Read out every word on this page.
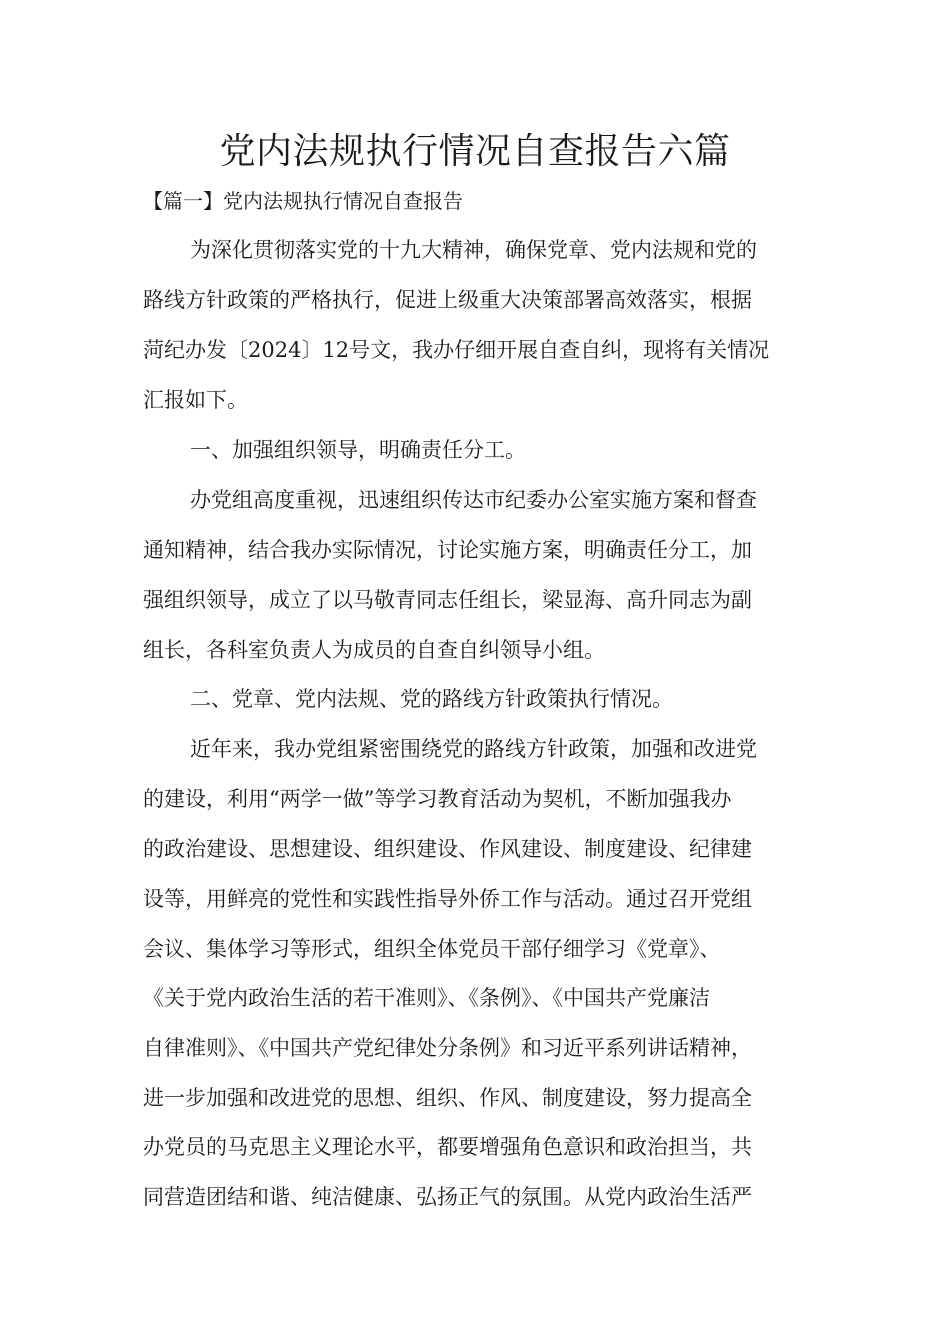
党内法规执行情况自查报告六篇

【篇一】党内法规执行情况自查报告

为深化贯彻落实党的十九大精神，确保党章、党内法规和党的

路线方针政策的严格执行，促进上级重大决策部署高效落实，根据

菏纪办发〔2024〕12号文，我办仔细开展自查自纠，现将有关情况

汇报如下。

一、加强组织领导，明确责任分工。

办党组高度重视，迅速组织传达市纪委办公室实施方案和督查

通知精神，结合我办实际情况，讨论实施方案，明确责任分工，加

强组织领导，成立了以马敬青同志任组长，梁显海、高升同志为副

组长，各科室负责人为成员的自查自纠领导小组。

二、党章、党内法规、党的路线方针政策执行情况。

近年来，我办党组紧密围绕党的路线方针政策，加强和改进党

的建设，利用“两学一做”等学习教育活动为契机，不断加强我办

的政治建设、思想建设、组织建设、作风建设、制度建设、纪律建

设等，用鲜亮的党性和实践性指导外侨工作与活动。通过召开党组

会议、集体学习等形式，组织全体党员干部仔细学习《党章》、

《关于党内政治生活的若干准则》、《条例》、《中国共产党廉洁

自律准则》、《中国共产党纪律处分条例》和习近平系列讲话精神，

进一步加强和改进党的思想、组织、作风、制度建设，努力提高全

办党员的马克思主义理论水平，都要增强角色意识和政治担当，共

同营造团结和谐、纯洁健康、弘扬正气的氛围。从党内政治生活严
